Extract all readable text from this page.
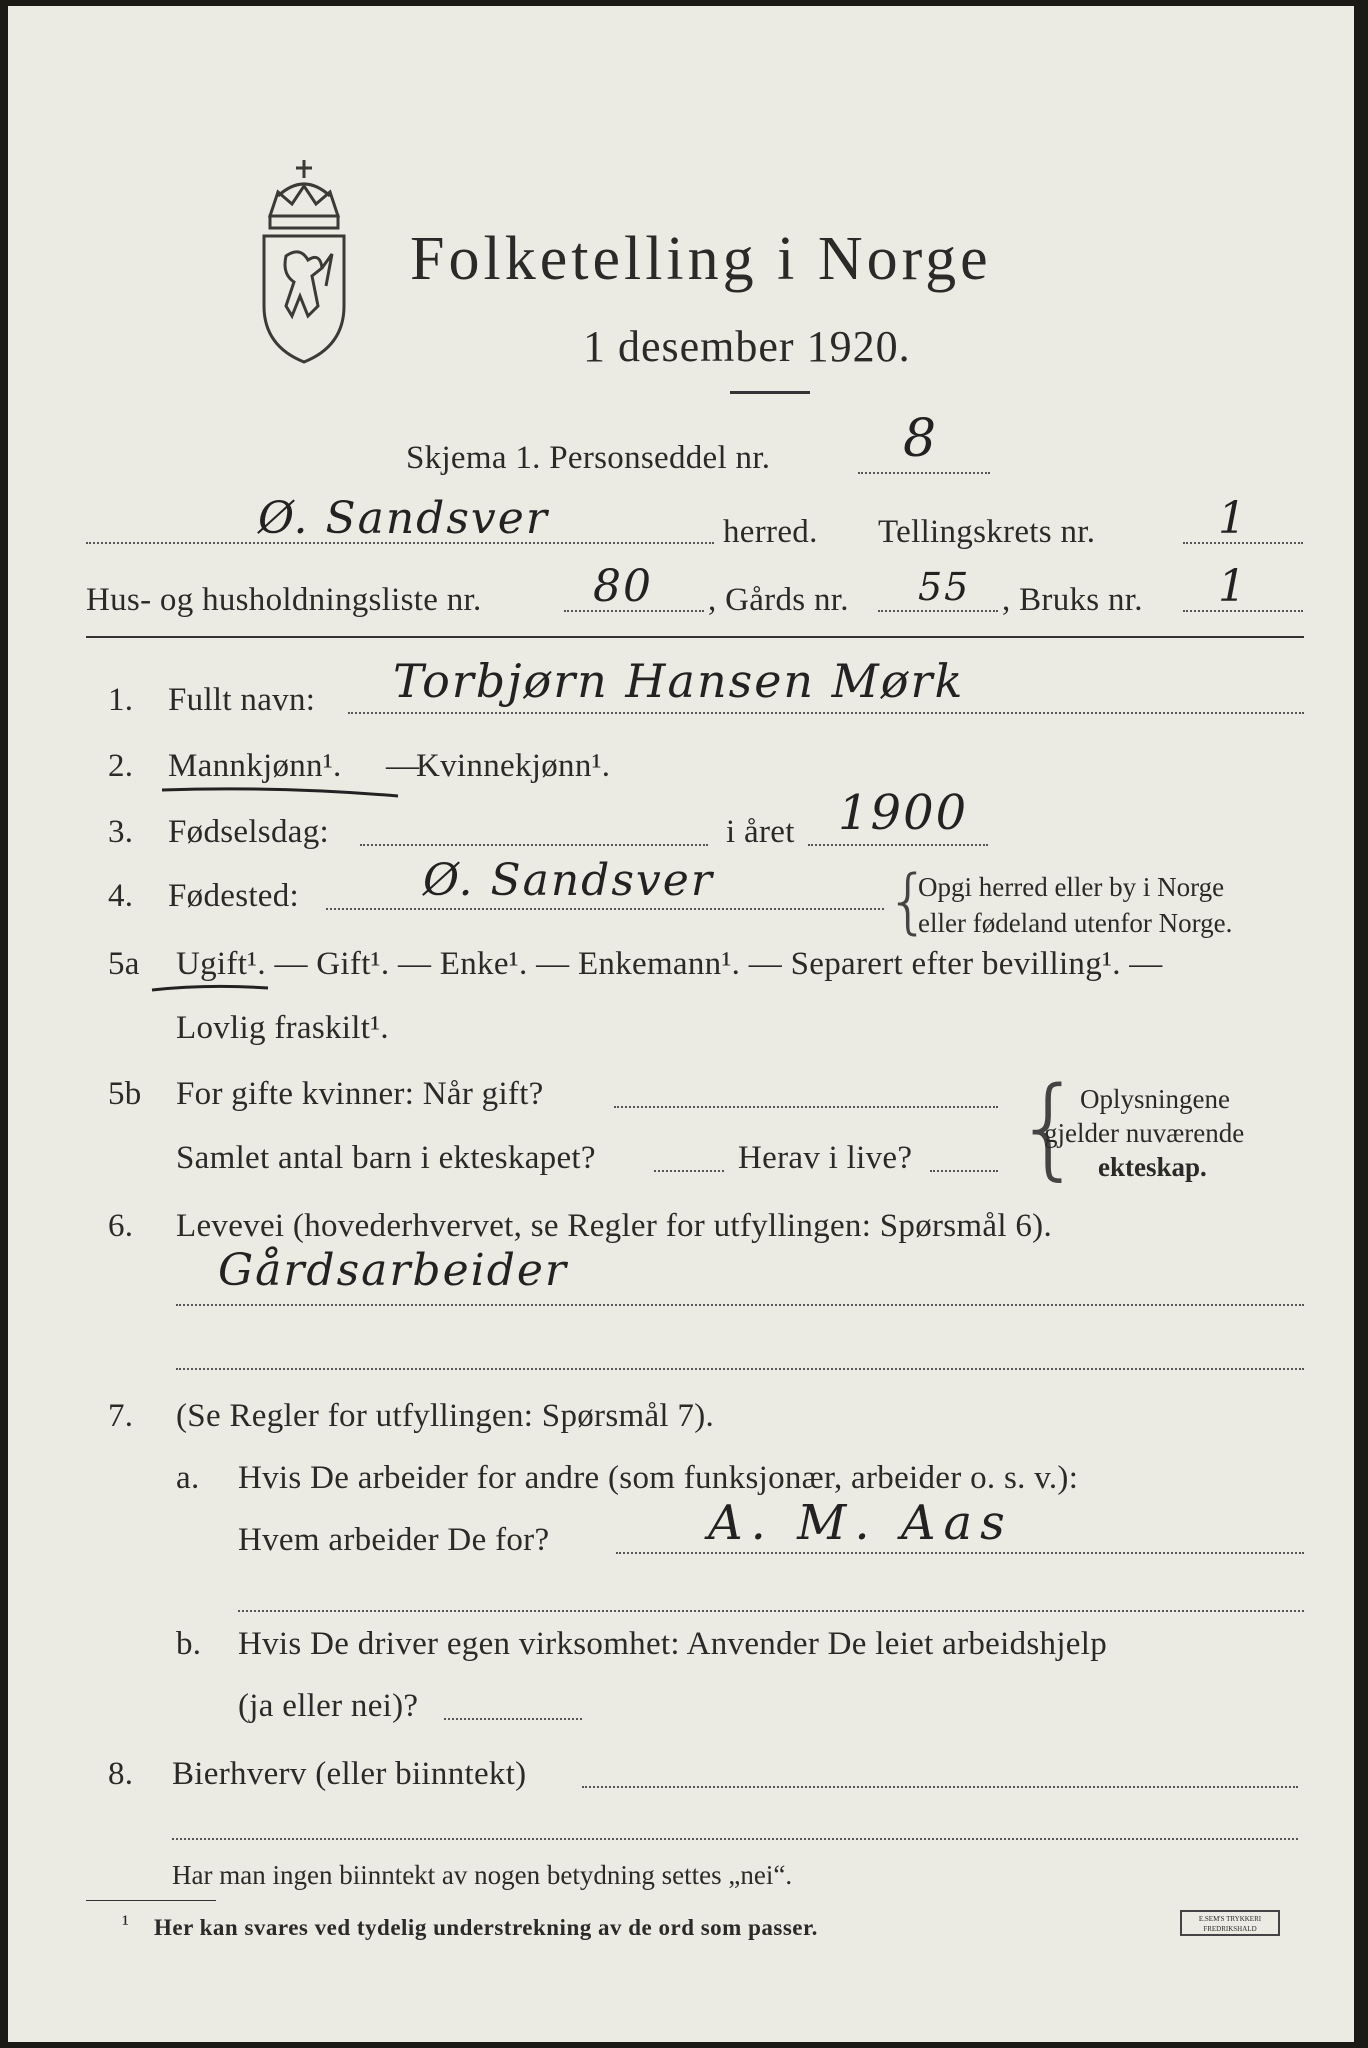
Folketelling i Norge
1 desember 1920.
Skjema 1. Personseddel nr.	8
Ø. Sandsver	herred. Tellingskrets nr.	1
Hus- og husholdningsliste nr.	80 , Gårds nr. 55 , Bruks nr. 1
1. Fullt navn: Torbjørn Hansen Mørk
2. Mannkjønn¹. —
Kvinnekjønn¹.
3. Fødselsdag:	i året 1900
4. Fødested:	Ø. Sandsver {
Opgi herred eller by i Norge
eller fødeland utenfor Norge.
5a Ugift¹. — Gift¹. — Enke¹. — Enkemann¹. — Separert efter bevilling¹. —
Lovlig fraskilt¹.
5b For gifte kvinner: Når gift?
Samlet antal barn i ekteskapet?	Herav i live? {
Oplysningene
gjelder nuværende
ekteskap.
6. Levevei (hovederhvervet, se Regler for utfyllingen: Spørsmål 6).
Gårdsarbeider
7. (Se Regler for utfyllingen: Spørsmål 7).
a. Hvis De arbeider for andre (som funksjonær, arbeider o. s. v.):
Hvem arbeider De for?	A. M. Aas
b. Hvis De driver egen virksomhet: Anvender De leiet arbeidshjelp
(ja eller nei)?
8. Bierhverv (eller biinntekt)
Har man ingen biinntekt av nogen betydning settes „nei“.
¹ Her kan svares ved tydelig understrekning av de ord som passer.	E.SEM'S TRYKKERI FREDRIKSHALD
